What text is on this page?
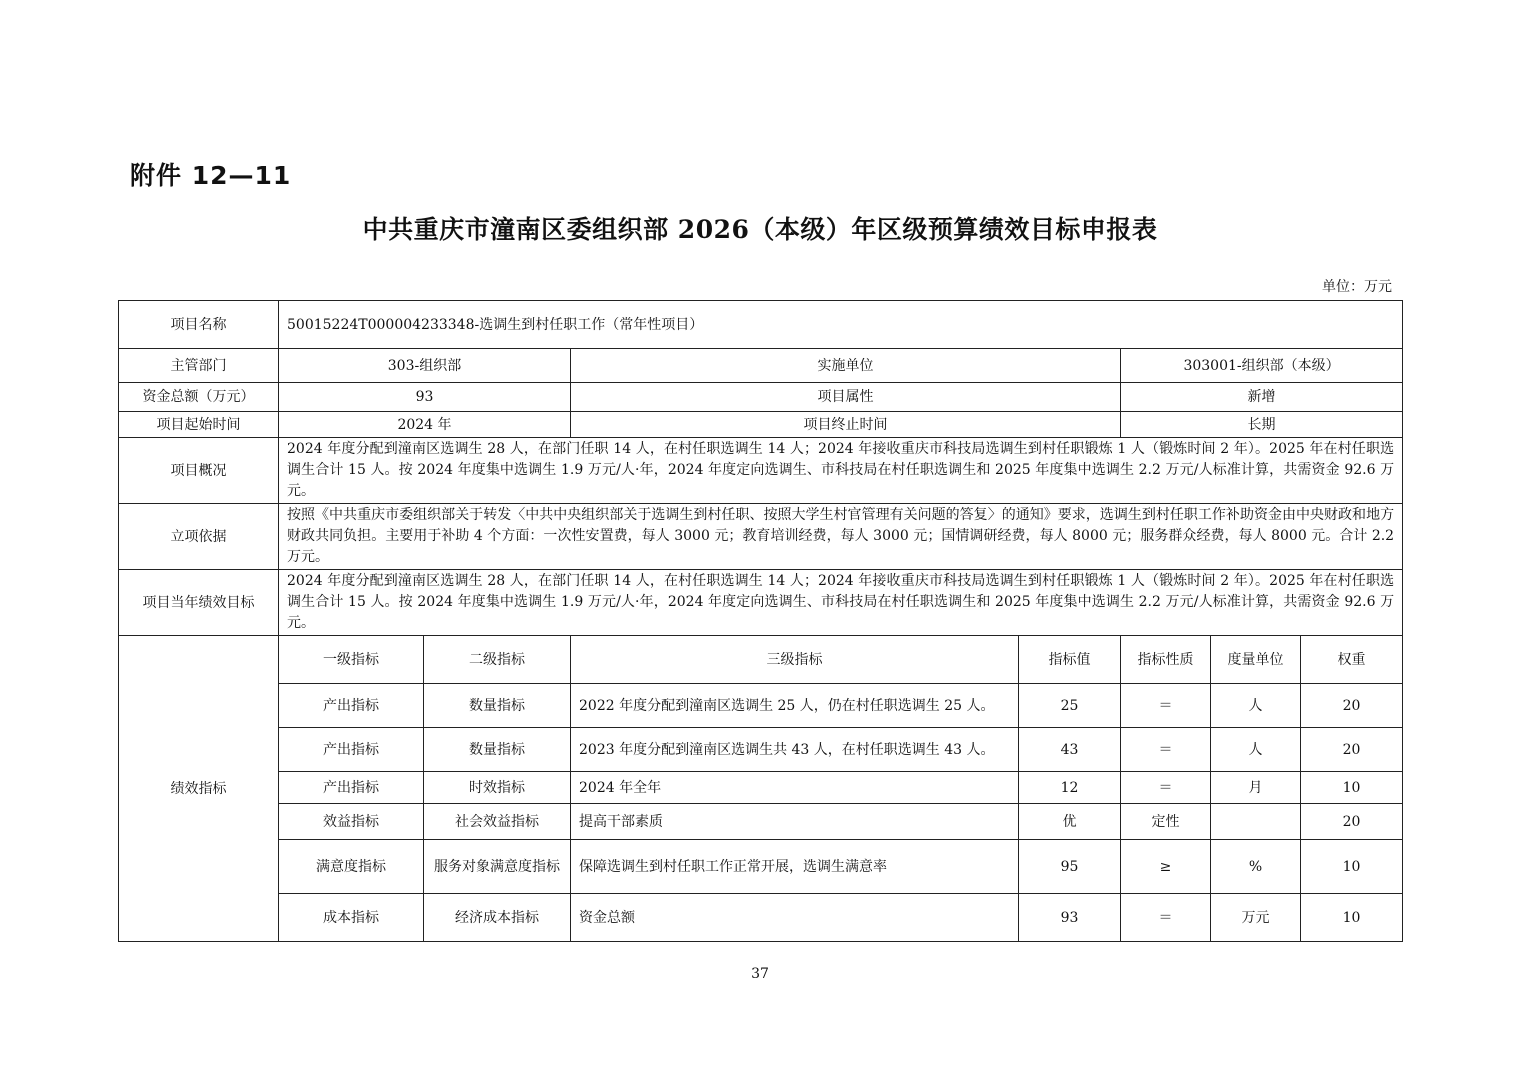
附件 12—11
中共重庆市潼南区委组织部 2026（本级）年区级预算绩效目标申报表
单位：万元
项目名称	50015224T000004233348-选调生到村任职工作（常年性项目）						
主管部门	303-组织部		实施单位		303001-组织部（本级）		
资金总额（万元）	93		项目属性		新增		
项目起始时间	2024 年		项目终止时间		长期		
项目概况	2024 年度分配到潼南区选调生 28 人，在部门任职 14 人，在村任职选调生 14 人；2024 年接收重庆市科技局选调生到村任职锻炼 1 人（锻炼时间 2 年）。2025 年在村任职选调生合计 15 人。按 2024 年度集中选调生 1.9 万元/人·年，2024 年度定向选调生、市科技局在村任职选调生和 2025 年度集中选调生 2.2 万元/人标准计算，共需资金 92.6 万元。						
立项依据	按照《中共重庆市委组织部关于转发〈中共中央组织部关于选调生到村任职、按照大学生村官管理有关问题的答复〉的通知》要求，选调生到村任职工作补助资金由中央财政和地方财政共同负担。主要用于补助 4 个方面：一次性安置费，每人 3000 元；教育培训经费，每人 3000 元；国情调研经费，每人 8000 元；服务群众经费，每人 8000 元。合计 2.2 万元。						
项目当年绩效目标	2024 年度分配到潼南区选调生 28 人，在部门任职 14 人，在村任职选调生 14 人；2024 年接收重庆市科技局选调生到村任职锻炼 1 人（锻炼时间 2 年）。2025 年在村任职选调生合计 15 人。按 2024 年度集中选调生 1.9 万元/人·年，2024 年度定向选调生、市科技局在村任职选调生和 2025 年度集中选调生 2.2 万元/人标准计算，共需资金 92.6 万元。						
绩效指标	一级指标	二级指标	三级指标	指标值	指标性质	度量单位	权重
	产出指标	数量指标	2022 年度分配到潼南区选调生 25 人，仍在村任职选调生 25 人。	25	＝	人	20
	产出指标	数量指标	2023 年度分配到潼南区选调生共 43 人，在村任职选调生 43 人。	43	＝	人	20
	产出指标	时效指标	2024 年全年	12	＝	月	10
	效益指标	社会效益指标	提高干部素质	优	定性		20
	满意度指标	服务对象满意度指标	保障选调生到村任职工作正常开展，选调生满意率	95	≥	%	10
	成本指标	经济成本指标	资金总额	93	＝	万元	10
37
